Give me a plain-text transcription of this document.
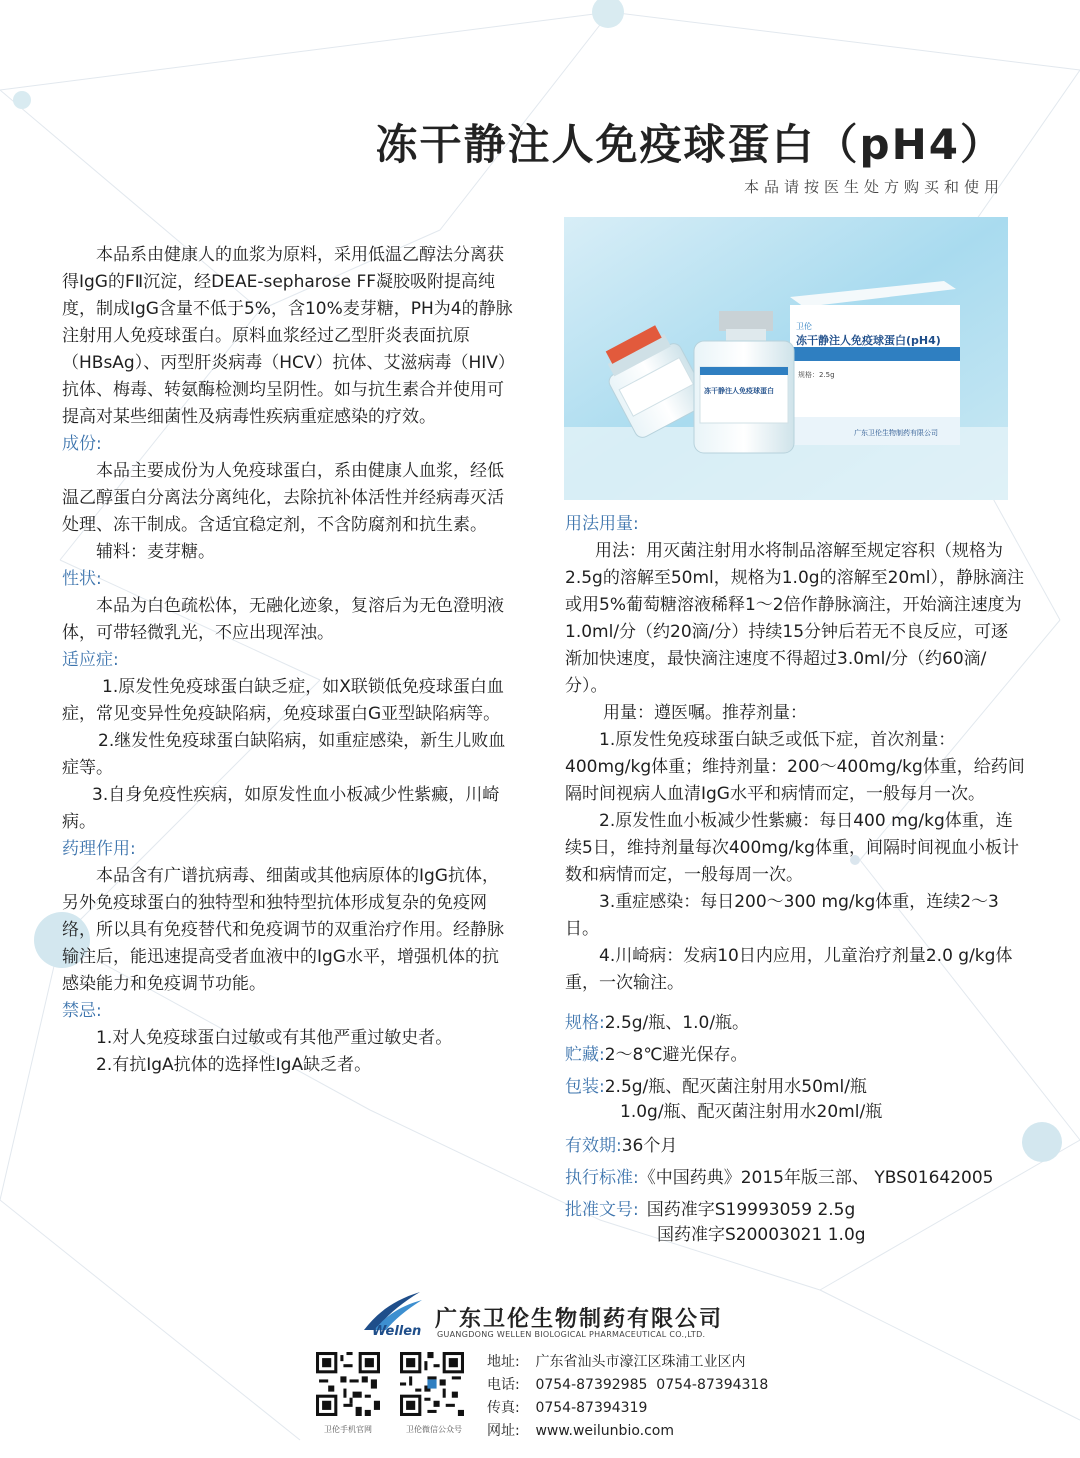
冻干静注人免疫球蛋白（pH4）
本品请按医生处方购买和使用

本品系由健康人的血浆为原料，采用低温乙醇法分离获得IgG的FⅡ沉淀，经DEAE-sepharose FF凝胶吸附提高纯度，制成IgG含量不低于5%，含10%麦芽糖，PH为4的静脉注射用人免疫球蛋白。原料血浆经过乙型肝炎表面抗原（HBsAg）、丙型肝炎病毒（HCV）抗体、艾滋病毒（HIV）抗体、梅毒、转氨酶检测均呈阴性。如与抗生素合并使用可提高对某些细菌性及病毒性疾病重症感染的疗效。

成份:

本品主要成份为人免疫球蛋白，系由健康人血浆，经低温乙醇蛋白分离法分离纯化，去除抗补体活性并经病毒灭活处理、冻干制成。含适宜稳定剂，不含防腐剂和抗生素。

辅料：麦芽糖。

性状:

本品为白色疏松体，无融化迹象，复溶后为无色澄明液体，可带轻微乳光，不应出现浑浊。

适应症:

1.原发性免疫球蛋白缺乏症，如X联锁低免疫球蛋白血症，常见变异性免疫缺陷病，免疫球蛋白G亚型缺陷病等。

2.继发性免疫球蛋白缺陷病，如重症感染，新生儿败血症等。

3.自身免疫性疾病，如原发性血小板减少性紫癜，川崎病。

药理作用:

本品含有广谱抗病毒、细菌或其他病原体的IgG抗体，另外免疫球蛋白的独特型和独特型抗体形成复杂的免疫网络，所以具有免疫替代和免疫调节的双重治疗作用。经静脉输注后，能迅速提高受者血液中的IgG水平，增强机体的抗感染能力和免疫调节功能。

禁忌:

1.对人免疫球蛋白过敏或有其他严重过敏史者。

2.有抗IgA抗体的选择性IgA缺乏者。

卫伦
冻干静注人免疫球蛋白(pH4)
规格：2.5g
广东卫伦生物制药有限公司
冻干静注人免疫球蛋白

用法用量:

用法：用灭菌注射用水将制品溶解至规定容积（规格为2.5g的溶解至50ml，规格为1.0g的溶解至20ml），静脉滴注或用5%葡萄糖溶液稀释1～2倍作静脉滴注，开始滴注速度为1.0ml/分（约20滴/分）持续15分钟后若无不良反应，可逐渐加快速度，最快滴注速度不得超过3.0ml/分（约60滴/分）。

用量：遵医嘱。推荐剂量：

1.原发性免疫球蛋白缺乏或低下症，首次剂量：400mg/kg体重；维持剂量：200～400mg/kg体重，给药间隔时间视病人血清IgG水平和病情而定，一般每月一次。

2.原发性血小板减少性紫癜：每日400 mg/kg体重，连续5日，维持剂量每次400mg/kg体重，间隔时间视血小板计数和病情而定，一般每周一次。

3.重症感染：每日200～300 mg/kg体重，连续2～3日。

4.川崎病：发病10日内应用，儿童治疗剂量2.0 g/kg体重，一次输注。

规格: 2.5g/瓶、1.0/瓶。
贮藏: 2～8℃避光保存。
包装: 2.5g/瓶、配灭菌注射用水50ml/瓶
1.0g/瓶、配灭菌注射用水20ml/瓶
有效期: 36个月
执行标准: 《中国药典》2015年版三部、 YBS01642005
批准文号: 国药准字S19993059 2.5g
国药准字S20003021 1.0g
Wellen 广东卫伦生物制药有限公司
GUANGDONG WELLEN BIOLOGICAL PHARMACEUTICAL CO.,LTD.
卫伦手机官网	卫伦微信公众号
地址: 广东省汕头市濠江区珠浦工业区内
电话: 0754-87392985  0754-87394318
传真: 0754-87394319
网址: www.weilunbio.com
